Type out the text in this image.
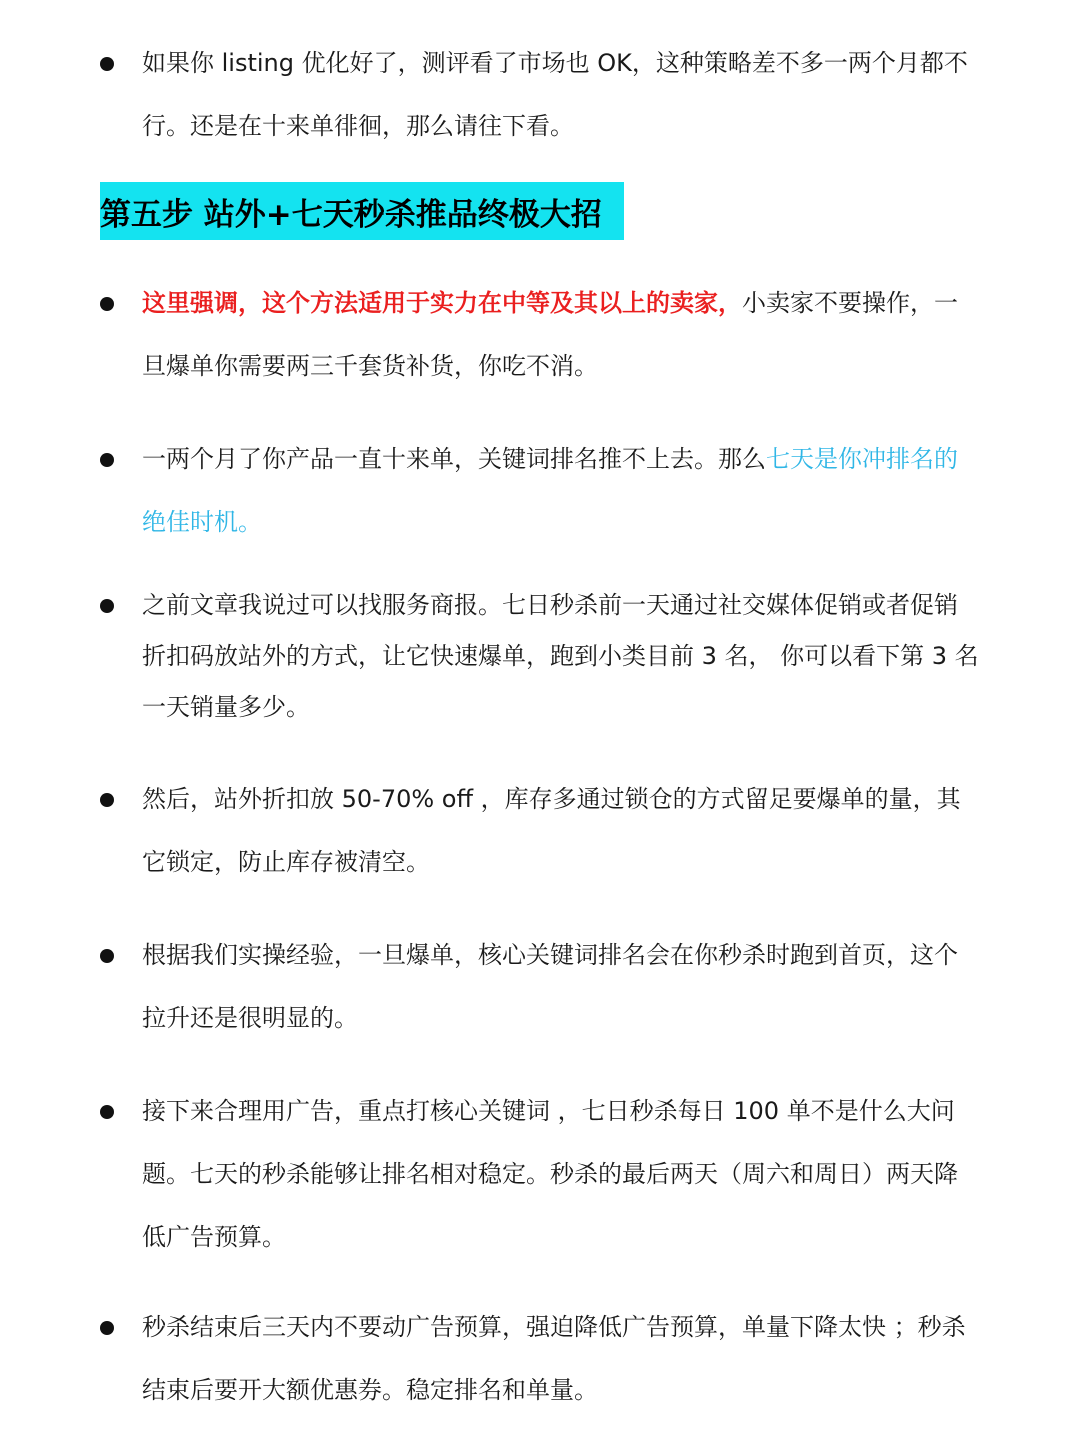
如果你 listing 优化好了，测评看了市场也 OK，这种策略差不多一两个月都不行。还是在十来单徘徊，那么请往下看。
第五步 站外+七天秒杀推品终极大招
这里强调，这个方法适用于实力在中等及其以上的卖家，小卖家不要操作，一旦爆单你需要两三千套货补货，你吃不消。
一两个月了你产品一直十来单，关键词排名推不上去。那么七天是你冲排名的绝佳时机。
之前文章我说过可以找服务商报。七日秒杀前一天通过社交媒体促销或者促销折扣码放站外的方式，让它快速爆单，跑到小类目前 3 名， 你可以看下第 3 名一天销量多少。
然后，站外折扣放 50-70% off ，库存多通过锁仓的方式留足要爆单的量，其它锁定，防止库存被清空。
根据我们实操经验，一旦爆单，核心关键词排名会在你秒杀时跑到首页，这个拉升还是很明显的。
接下来合理用广告，重点打核心关键词 ，七日秒杀每日 100 单不是什么大问题。七天的秒杀能够让排名相对稳定。秒杀的最后两天（周六和周日）两天降低广告预算。
秒杀结束后三天内不要动广告预算，强迫降低广告预算，单量下降太快 ；秒杀结束后要开大额优惠券。稳定排名和单量。
